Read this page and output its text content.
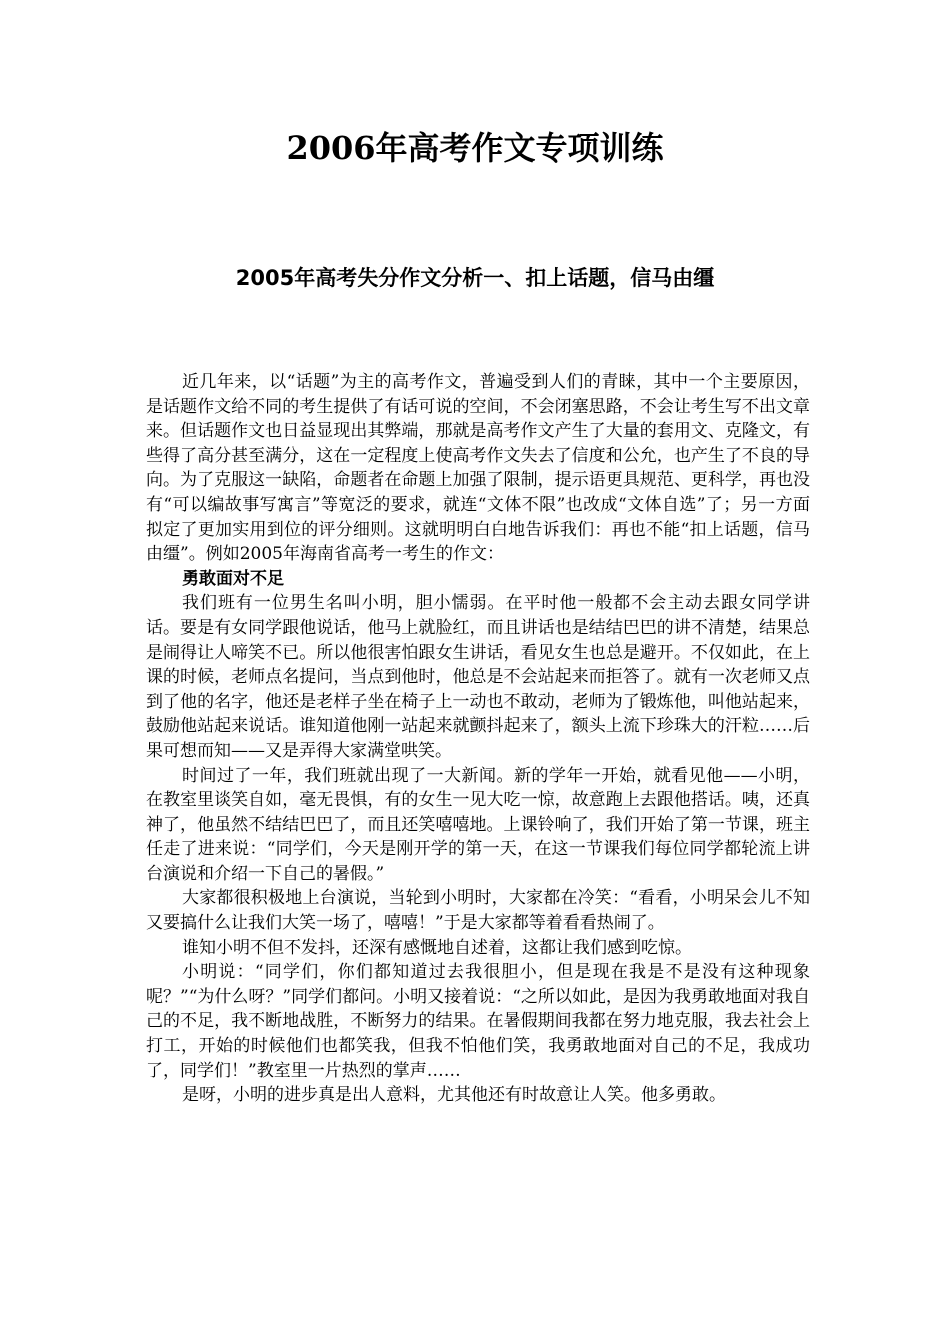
2006年高考作文专项训练
2005年高考失分作文分析一、扣上话题，信马由缰

近几年来，以“话题”为主的高考作文，普遍受到人们的青睐，其中一个主要原因，是话题作文给不同的考生提供了有话可说的空间，不会闭塞思路，不会让考生写不出文章来。但话题作文也日益显现出其弊端，那就是高考作文产生了大量的套用文、克隆文，有些得了高分甚至满分，这在一定程度上使高考作文失去了信度和公允，也产生了不良的导向。为了克服这一缺陷，命题者在命题上加强了限制，提示语更具规范、更科学，再也没有“可以编故事写寓言”等宽泛的要求，就连“文体不限”也改成“文体自选”了；另一方面拟定了更加实用到位的评分细则。这就明明白白地告诉我们：再也不能“扣上话题，信马由缰”。例如2005年海南省高考一考生的作文：

勇敢面对不足

我们班有一位男生名叫小明，胆小懦弱。在平时他一般都不会主动去跟女同学讲话。要是有女同学跟他说话，他马上就脸红，而且讲话也是结结巴巴的讲不清楚，结果总是闹得让人啼笑不已。所以他很害怕跟女生讲话，看见女生也总是避开。不仅如此，在上课的时候，老师点名提问，当点到他时，他总是不会站起来而拒答了。就有一次老师又点到了他的名字，他还是老样子坐在椅子上一动也不敢动，老师为了锻炼他，叫他站起来，鼓励他站起来说话。谁知道他刚一站起来就颤抖起来了，额头上流下珍珠大的汗粒……后果可想而知——又是弄得大家满堂哄笑。

时间过了一年，我们班就出现了一大新闻。新的学年一开始，就看见他——小明，在教室里谈笑自如，毫无畏惧，有的女生一见大吃一惊，故意跑上去跟他搭话。咦，还真神了，他虽然不结结巴巴了，而且还笑嘻嘻地。上课铃响了，我们开始了第一节课，班主任走了进来说：“同学们，今天是刚开学的第一天，在这一节课我们每位同学都轮流上讲台演说和介绍一下自己的暑假。”

大家都很积极地上台演说，当轮到小明时，大家都在冷笑：“看看，小明呆会儿不知又要搞什么让我们大笑一场了，嘻嘻！”于是大家都等着看看热闹了。

谁知小明不但不发抖，还深有感慨地自述着，这都让我们感到吃惊。

小明说：“同学们，你们都知道过去我很胆小，但是现在我是不是没有这种现象呢？”“为什么呀？”同学们都问。小明又接着说：“之所以如此，是因为我勇敢地面对我自己的不足，我不断地战胜，不断努力的结果。在暑假期间我都在努力地克服，我去社会上打工，开始的时候他们也都笑我，但我不怕他们笑，我勇敢地面对自己的不足，我成功了，同学们！”教室里一片热烈的掌声……

是呀，小明的进步真是出人意料，尤其他还有时故意让人笑。他多勇敢。
